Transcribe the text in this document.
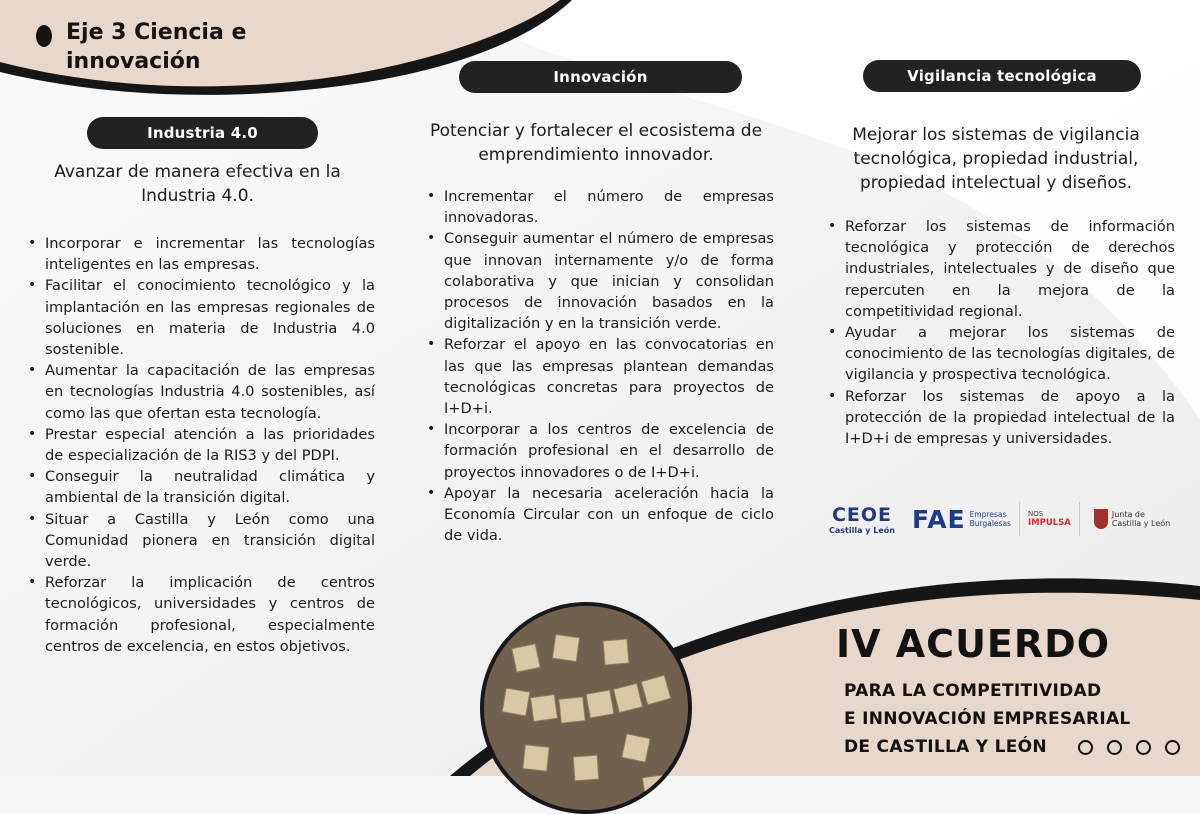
Eje 3 Ciencia e innovación
Industria 4.0
Avanzar de manera efectiva en la Industria 4.0.
• Incorporar e incrementar las tecnologías inteligentes en las empresas.
• Facilitar el conocimiento tecnológico y la implantación en las empresas regionales de soluciones en materia de Industria 4.0 sostenible.
• Aumentar la capacitación de las empresas en tecnologías Industria 4.0 sostenibles, así como las que ofertan esta tecnología.
• Prestar especial atención a las prioridades de especialización de la RIS3 y del PDPI.
• Conseguir la neutralidad climática y ambiental de la transición digital.
• Situar a Castilla y León como una Comunidad pionera en transición digital verde.
• Reforzar la implicación de centros tecnológicos, universidades y centros de formación profesional, especialmente centros de excelencia, en estos objetivos.
Innovación
Potenciar y fortalecer el ecosistema de emprendimiento innovador.
• Incrementar el número de empresas innovadoras.
• Conseguir aumentar el número de empresas que innovan internamente y/o de forma colaborativa y que inician y consolidan procesos de innovación basados en la digitalización y en la transición verde.
• Reforzar el apoyo en las convocatorias en las que las empresas plantean demandas tecnológicas concretas para proyectos de I+D+i.
• Incorporar a los centros de excelencia de formación profesional en el desarrollo de proyectos innovadores o de I+D+i.
• Apoyar la necesaria aceleración hacia la Economía Circular con un enfoque de ciclo de vida.
Vigilancia tecnológica
Mejorar los sistemas de vigilancia tecnológica, propiedad industrial, propiedad intelectual y diseños.
• Reforzar los sistemas de información tecnológica y protección de derechos industriales, intelectuales y de diseño que repercuten en la mejora de la competitividad regional.
• Ayudar a mejorar los sistemas de conocimiento de las tecnologías digitales, de vigilancia y prospectiva tecnológica.
• Reforzar los sistemas de apoyo a la protección de la propiedad intelectual de la I+D+i de empresas y universidades.
CEOE
Castilla y León FAE Empresas
Burgalesas
NOS
IMPULSA
Junta de
Castilla y León
IV ACUERDO
PARA LA COMPETITIVIDAD
E INNOVACIÓN EMPRESARIAL
DE CASTILLA Y LEÓN
